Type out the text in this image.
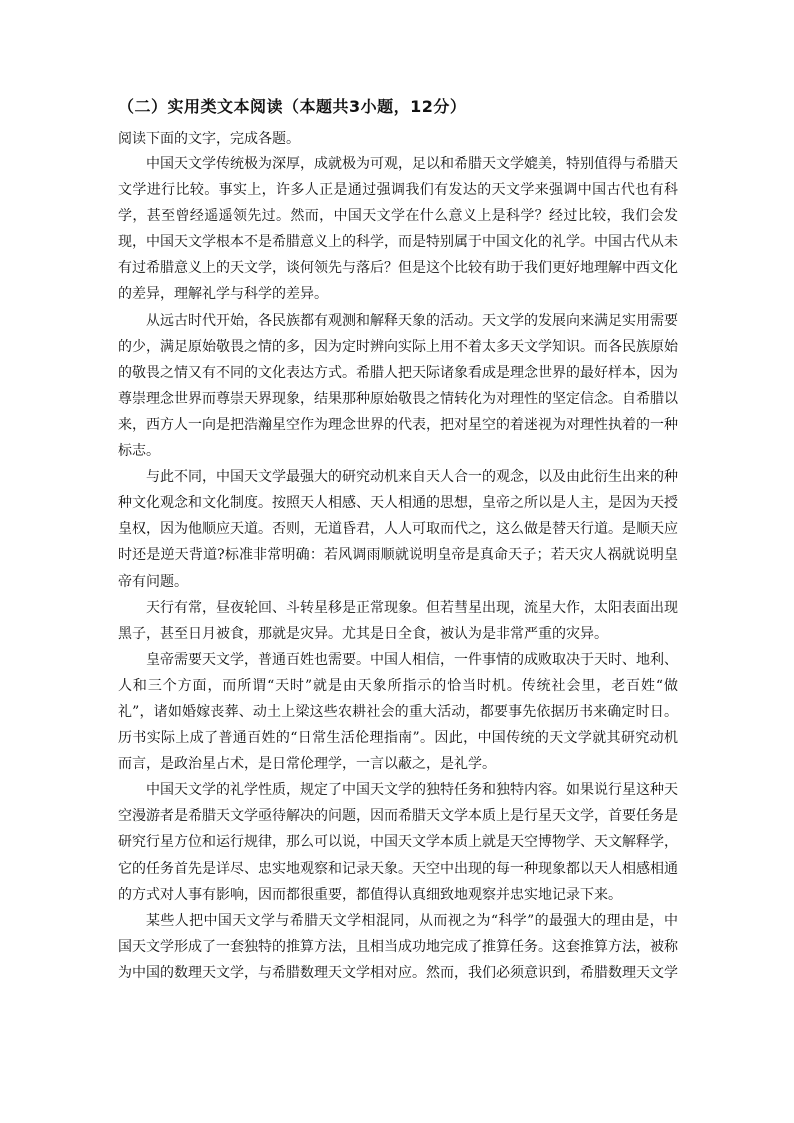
（二）实用类文本阅读（本题共3小题，12分）
阅读下面的文字，完成各题。

中国天文学传统极为深厚，成就极为可观，足以和希腊天文学媲美，特别值得与希腊天文学进行比较。事实上，许多人正是通过强调我们有发达的天文学来强调中国古代也有科学，甚至曾经遥遥领先过。然而，中国天文学在什么意义上是科学？经过比较，我们会发现，中国天文学根本不是希腊意义上的科学，而是特别属于中国文化的礼学。中国古代从未有过希腊意义上的天文学，谈何领先与落后？但是这个比较有助于我们更好地理解中西文化的差异，理解礼学与科学的差异。

从远古时代开始，各民族都有观测和解释天象的活动。天文学的发展向来满足实用需要的少，满足原始敬畏之情的多，因为定时辨向实际上用不着太多天文学知识。而各民族原始的敬畏之情又有不同的文化表达方式。希腊人把天际诸象看成是理念世界的最好样本，因为尊崇理念世界而尊崇天界现象，结果那种原始敬畏之情转化为对理性的坚定信念。自希腊以来，西方人一向是把浩瀚星空作为理念世界的代表，把对星空的着迷视为对理性执着的一种标志。

与此不同，中国天文学最强大的研究动机来自天人合一的观念，以及由此衍生出来的种种文化观念和文化制度。按照天人相感、天人相通的思想，皇帝之所以是人主，是因为天授皇权，因为他顺应天道。否则，无道昏君，人人可取而代之，这么做是替天行道。是顺天应时还是逆天背道?标准非常明确：若风调雨顺就说明皇帝是真命天子；若天灾人祸就说明皇帝有问题。

天行有常，昼夜轮回、斗转星移是正常现象。但若彗星出现，流星大作，太阳表面出现黑子，甚至日月被食，那就是灾异。尤其是日全食，被认为是非常严重的灾异。

皇帝需要天文学，普通百姓也需要。中国人相信，一件事情的成败取决于天时、地利、人和三个方面，而所谓“天时”就是由天象所指示的恰当时机。传统社会里，老百姓“做礼”，诸如婚嫁丧葬、动土上梁这些农耕社会的重大活动，都要事先依据历书来确定时日。历书实际上成了普通百姓的“日常生活伦理指南”。因此，中国传统的天文学就其研究动机而言，是政治星占术，是日常伦理学，一言以蔽之，是礼学。

中国天文学的礼学性质，规定了中国天文学的独特任务和独特内容。如果说行星这种天空漫游者是希腊天文学亟待解决的问题，因而希腊天文学本质上是行星天文学，首要任务是研究行星方位和运行规律，那么可以说，中国天文学本质上就是天空博物学、天文解释学，它的任务首先是详尽、忠实地观察和记录天象。天空中出现的每一种现象都以天人相感相通的方式对人事有影响，因而都很重要，都值得认真细致地观察并忠实地记录下来。

某些人把中国天文学与希腊天文学相混同，从而视之为“科学”的最强大的理由是，中国天文学形成了一套独特的推算方法，且相当成功地完成了推算任务。这套推算方法，被称为中国的数理天文学，与希腊数理天文学相对应。然而，我们必须意识到，希腊数理天文学
